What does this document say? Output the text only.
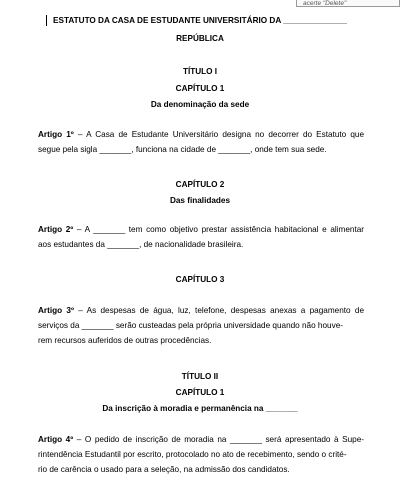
acerte "Delete"
ESTATUTO DA CASA DE ESTUDANTE UNIVERSITÁRIO DA ______________
REPÚBLICA
TÍTULO I
CAPÍTULO 1
Da denominação da sede
Artigo 1º – A Casa de Estudante Universitário designa no decorrer do Estatuto que
segue pela sigla _______, funciona na cidade de _______, onde tem sua sede.
CAPÍTULO 2
Das finalidades
Artigo 2º – A _______ tem como objetivo prestar assistência habitacional e alimentar
aos estudantes da _______, de nacionalidade brasileira.
CAPÍTULO 3
Artigo 3º – As despesas de água, luz, telefone, despesas anexas a pagamento de
serviços da _______ serão custeadas pela própria universidade quando não houve-
rem recursos auferidos de outras procedências.
TÍTULO II
CAPÍTULO 1
Da inscrição à moradia e permanência na _______
Artigo 4º – O pedido de inscrição de moradia na _______ será apresentado à Supe-
rintendência Estudantil por escrito, protocolado no ato de recebimento, sendo o crité-
rio de carência o usado para a seleção, na admissão dos candidatos.
